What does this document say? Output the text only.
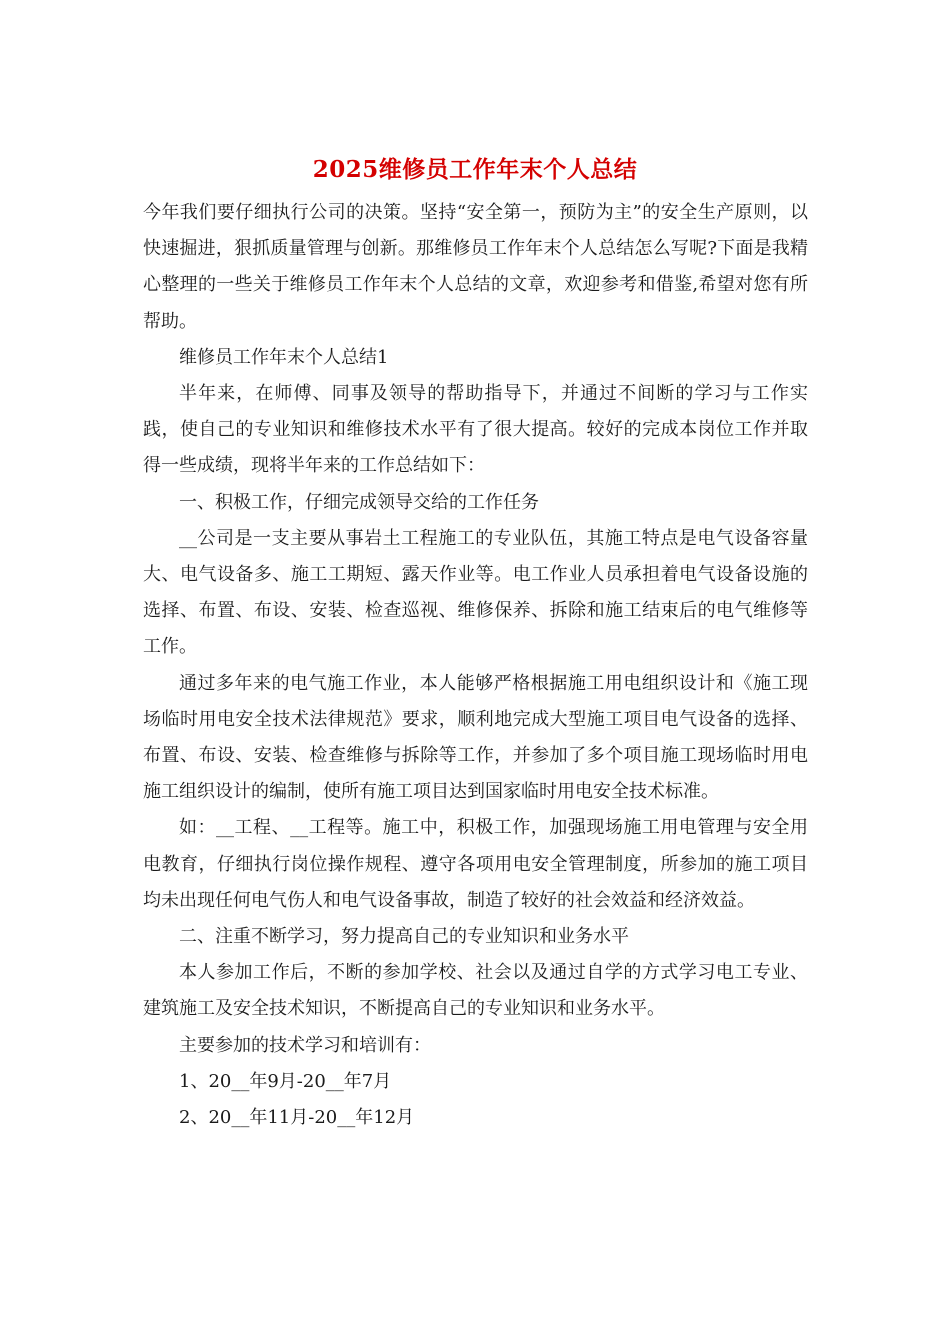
2025维修员工作年末个人总结

今年我们要仔细执行公司的决策。坚持“安全第一，预防为主”的安全生产原则，以快速掘进，狠抓质量管理与创新。那维修员工作年末个人总结怎么写呢?下面是我精心整理的一些关于维修员工作年末个人总结的文章，欢迎参考和借鉴,希望对您有所帮助。

维修员工作年末个人总结1

半年来，在师傅、同事及领导的帮助指导下，并通过不间断的学习与工作实践，使自己的专业知识和维修技术水平有了很大提高。较好的完成本岗位工作并取得一些成绩，现将半年来的工作总结如下：

一、积极工作，仔细完成领导交给的工作任务

__公司是一支主要从事岩土工程施工的专业队伍，其施工特点是电气设备容量大、电气设备多、施工工期短、露天作业等。电工作业人员承担着电气设备设施的选择、布置、布设、安装、检查巡视、维修保养、拆除和施工结束后的电气维修等工作。

通过多年来的电气施工作业，本人能够严格根据施工用电组织设计和《施工现场临时用电安全技术法律规范》要求，顺利地完成大型施工项目电气设备的选择、布置、布设、安装、检查维修与拆除等工作，并参加了多个项目施工现场临时用电施工组织设计的编制，使所有施工项目达到国家临时用电安全技术标准。

如：__工程、__工程等。施工中，积极工作，加强现场施工用电管理与安全用电教育，仔细执行岗位操作规程、遵守各项用电安全管理制度，所参加的施工项目均未出现任何电气伤人和电气设备事故，制造了较好的社会效益和经济效益。

二、注重不断学习，努力提高自己的专业知识和业务水平

本人参加工作后，不断的参加学校、社会以及通过自学的方式学习电工专业、建筑施工及安全技术知识，不断提高自己的专业知识和业务水平。

主要参加的技术学习和培训有：

1、20__年9月-20__年7月

2、20__年11月-20__年12月
